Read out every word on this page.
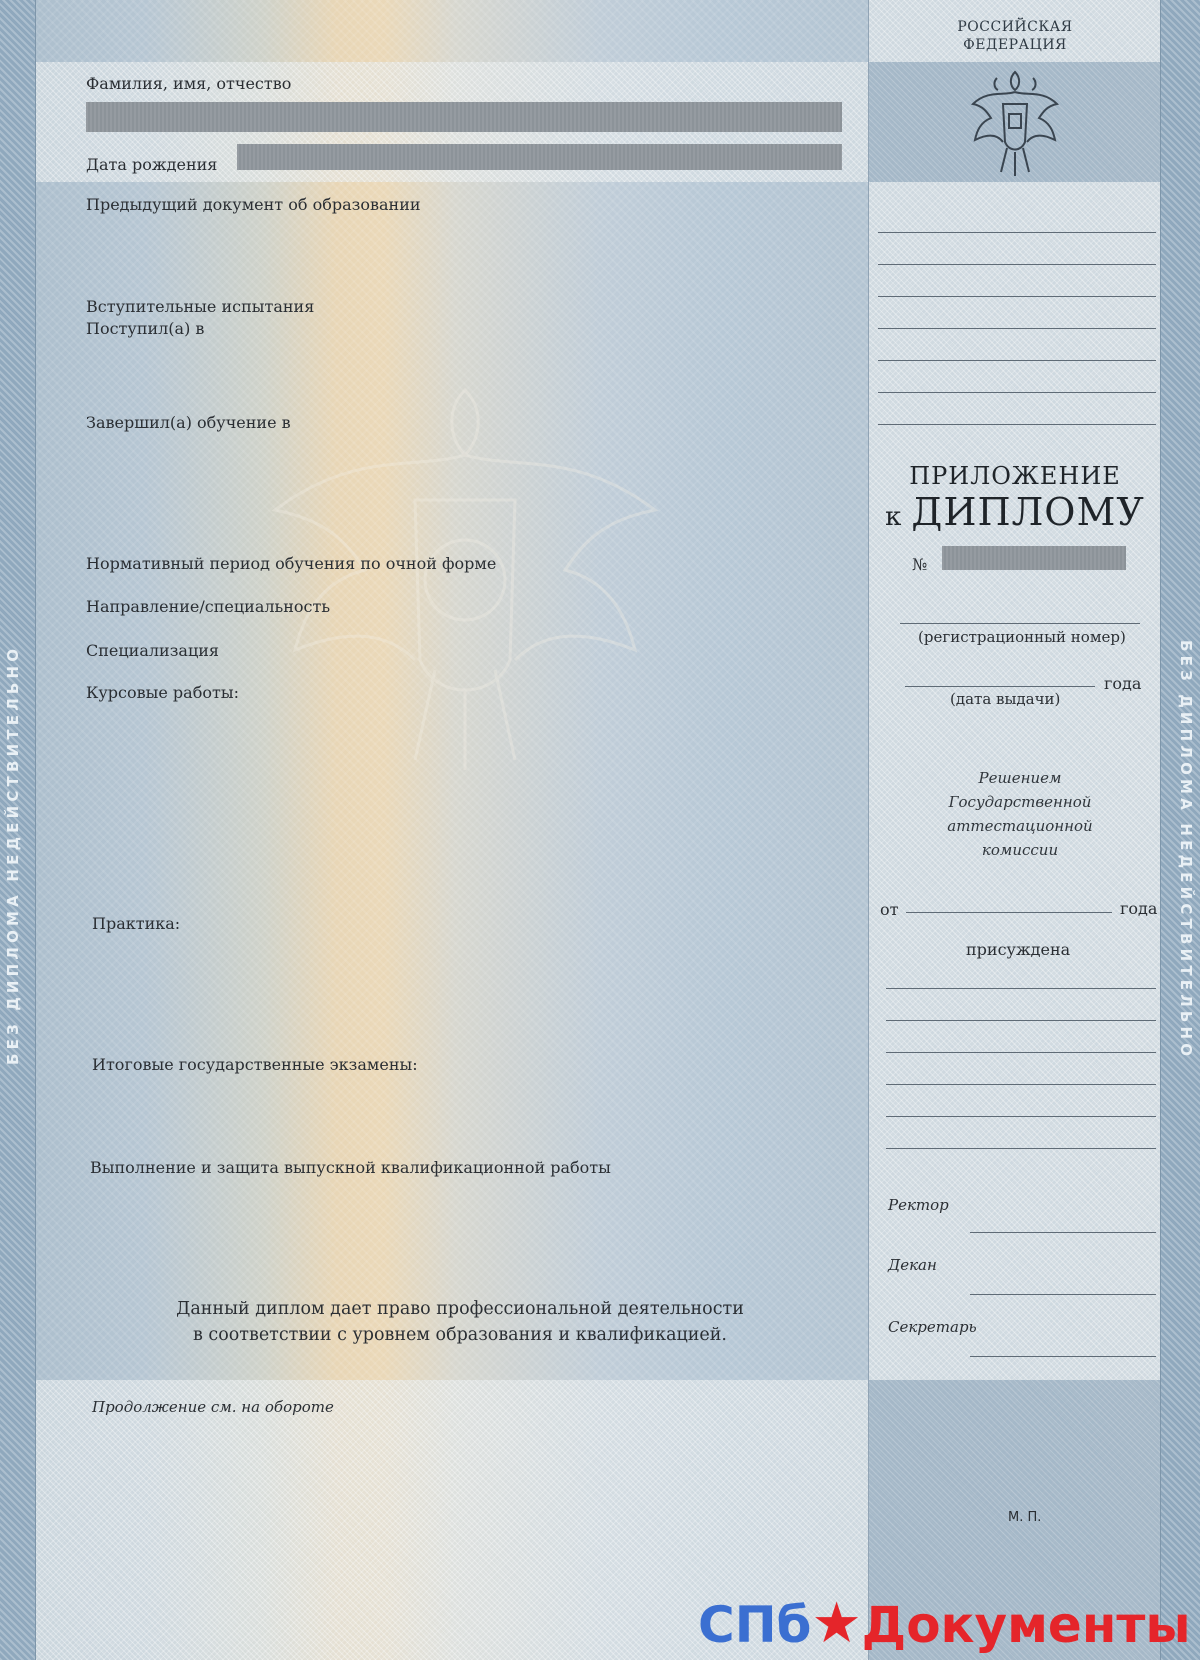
БЕЗ ДИПЛОМА НЕДЕЙСТВИТЕЛЬНО	БЕЗ ДИПЛОМА НЕДЕЙСТВИТЕЛЬНО
РОССИЙСКАЯ
ФЕДЕРАЦИЯ
Фамилия, имя, отчество
Дата рождения
Предыдущий документ об образовании
Вступительные испытания
Поступил(а) в
Завершил(а) обучение в
Нормативный период обучения по очной форме
Направление/специальность
Специализация
Курсовые работы:
Практика:
Итоговые государственные экзамены:
Выполнение и защита выпускной квалификационной работы
Данный диплом дает право профессиональной деятельности
в соответствии с уровнем образования и квалификацией.
Продолжение см. на обороте
ПРИЛОЖЕНИЕ
к ДИПЛОМУ
№
(регистрационный номер)
года
(дата выдачи)
Решением
Государственной
аттестационной
комиссии
от	года
присуждена
Ректор
Декан
Секретарь
М. П.
СПб★Документы
